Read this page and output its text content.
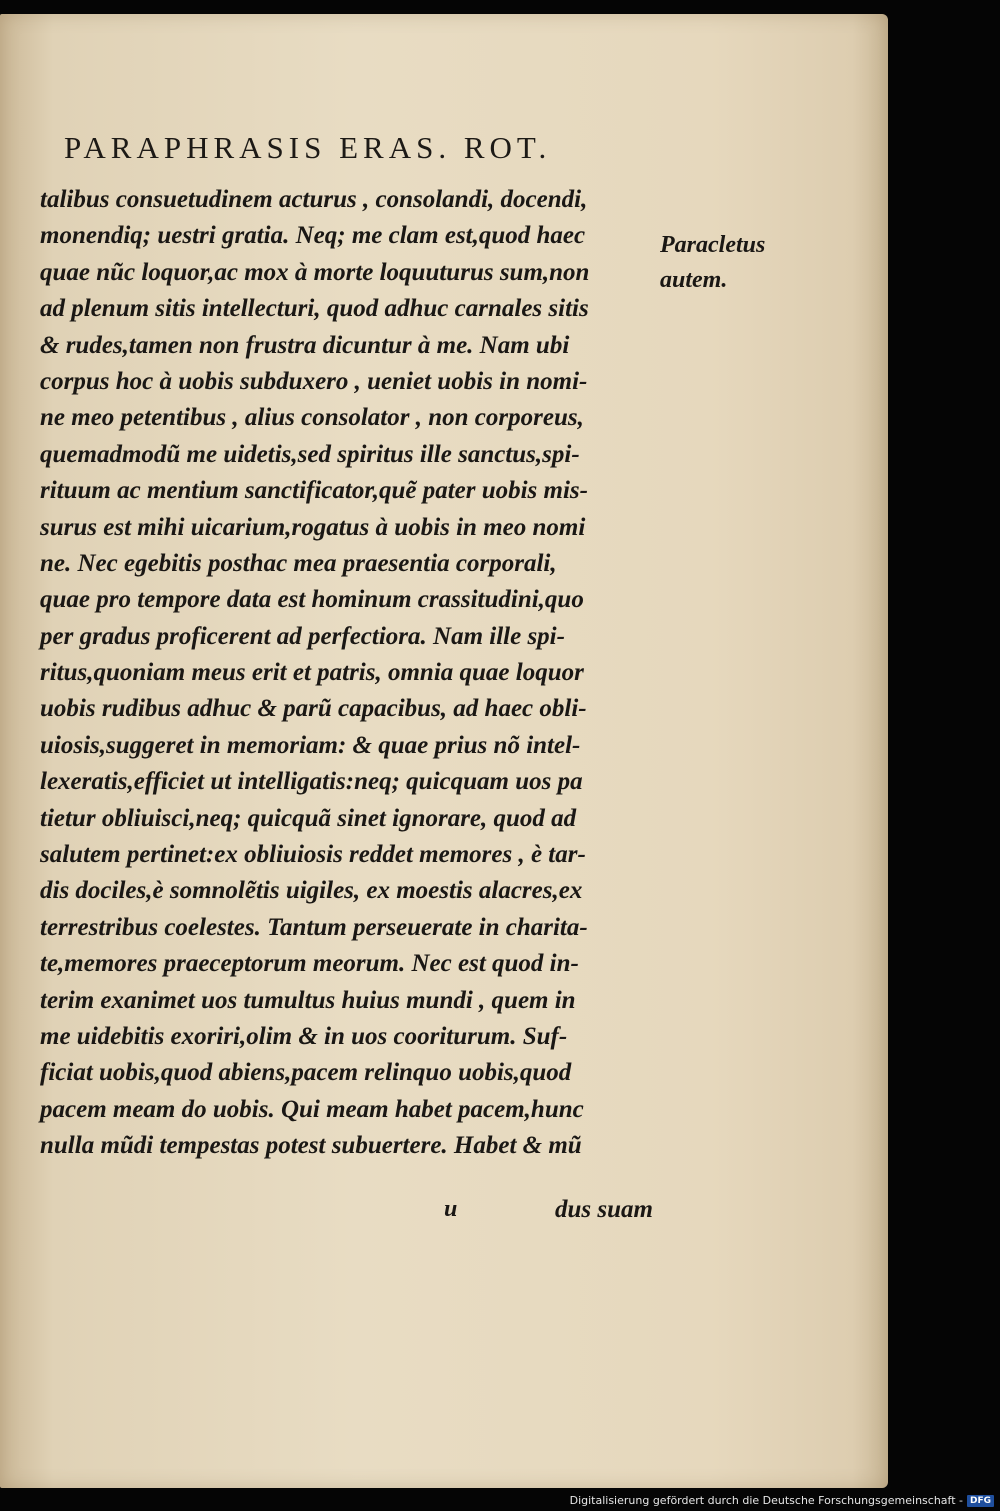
PARAPHRASIS ERAS. ROT.
talibus consuetudinem acturus , consolandi, docendi,
monendiq; uestri gratia. Neq; me clam est,quod haec
quae nũc loquor,ac mox à morte loquuturus sum,non
ad plenum sitis intellecturi, quod adhuc carnales sitis
& rudes,tamen non frustra dicuntur à me. Nam ubi
corpus hoc à uobis subduxero , ueniet uobis in nomi-
ne meo petentibus , alius consolator , non corporeus,
quemadmodũ me uidetis,sed spiritus ille sanctus,spi-
rituum ac mentium sanctificator,quẽ pater uobis mis-
surus est mihi uicarium,rogatus à uobis in meo nomi
ne. Nec egebitis posthac mea praesentia corporali,
quae pro tempore data est hominum crassitudini,quo
per gradus proficerent ad perfectiora. Nam ille spi-
ritus,quoniam meus erit et patris, omnia quae loquor
uobis rudibus adhuc & parũ capacibus, ad haec obli-
uiosis,suggeret in memoriam: & quae prius nõ intel-
lexeratis,efficiet ut intelligatis:neq; quicquam uos pa
tietur obliuisci,neq; quicquã sinet ignorare, quod ad
salutem pertinet:ex obliuiosis reddet memores , è tar-
dis dociles,è somnolẽtis uigiles, ex moestis alacres,ex
terrestribus coelestes. Tantum perseuerate in charita-
te,memores praeceptorum meorum. Nec est quod in-
terim exanimet uos tumultus huius mundi , quem in
me uidebitis exoriri,olim & in uos cooriturum. Suf-
ficiat uobis,quod abiens,pacem relinquo uobis,quod
pacem meam do uobis. Qui meam habet pacem,hunc
nulla mũdi tempestas potest subuertere. Habet & mũ
Paracletus
autem.
u	dus suam
Digitalisierung gefördert durch die Deutsche Forschungsgemeinschaft - DFG
